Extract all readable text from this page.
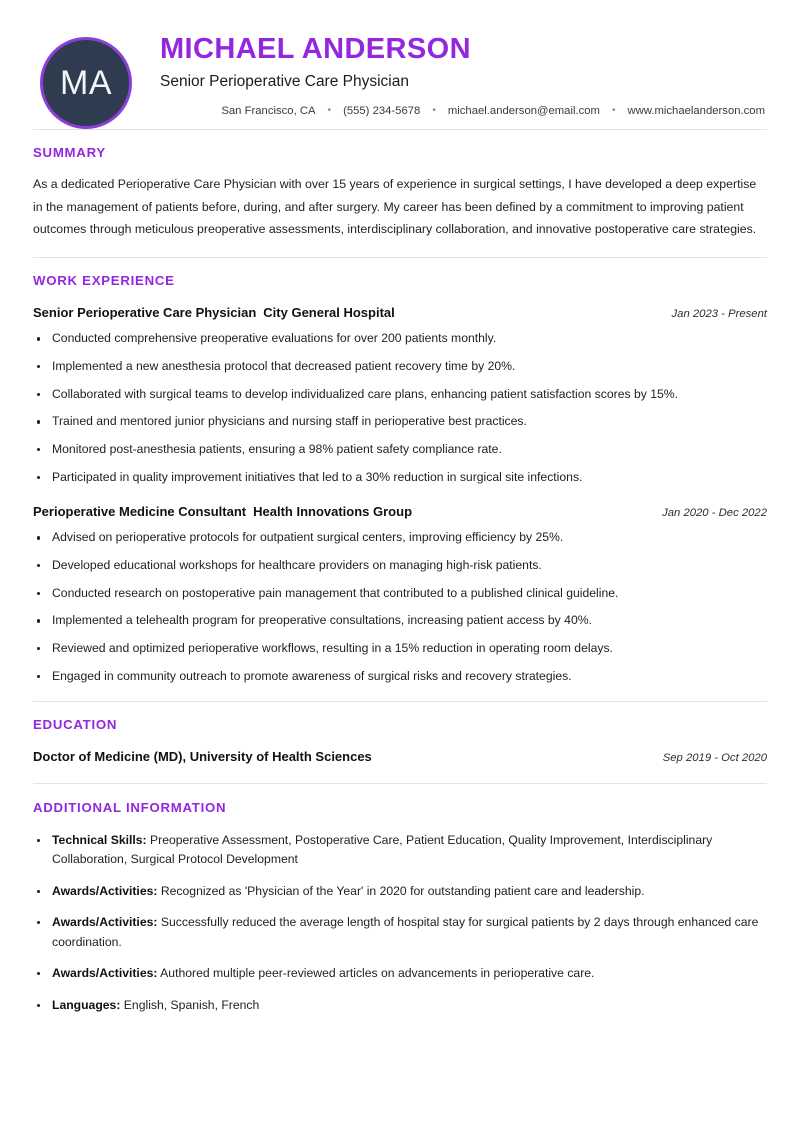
MA
MICHAEL ANDERSON
Senior Perioperative Care Physician
San Francisco, CA	•	(555) 234-5678	•	michael.anderson@email.com	•	www.michaelanderson.com
SUMMARY

As a dedicated Perioperative Care Physician with over 15 years of experience in surgical settings, I have developed a deep expertise in the management of patients before, during, and after surgery. My career has been defined by a commitment to improving patient outcomes through meticulous preoperative assessments, interdisciplinary collaboration, and innovative postoperative care strategies.

WORK EXPERIENCE
Senior Perioperative Care Physician City General Hospital	Jan 2023 - Present
Conducted comprehensive preoperative evaluations for over 200 patients monthly.
Implemented a new anesthesia protocol that decreased patient recovery time by 20%.
Collaborated with surgical teams to develop individualized care plans, enhancing patient satisfaction scores by 15%.
Trained and mentored junior physicians and nursing staff in perioperative best practices.
Monitored post-anesthesia patients, ensuring a 98% patient safety compliance rate.
Participated in quality improvement initiatives that led to a 30% reduction in surgical site infections.
Perioperative Medicine Consultant Health Innovations Group	Jan 2020 - Dec 2022
Advised on perioperative protocols for outpatient surgical centers, improving efficiency by 25%.
Developed educational workshops for healthcare providers on managing high-risk patients.
Conducted research on postoperative pain management that contributed to a published clinical guideline.
Implemented a telehealth program for preoperative consultations, increasing patient access by 40%.
Reviewed and optimized perioperative workflows, resulting in a 15% reduction in operating room delays.
Engaged in community outreach to promote awareness of surgical risks and recovery strategies.
EDUCATION
Doctor of Medicine (MD), University of Health Sciences	Sep 2019 - Oct 2020
ADDITIONAL INFORMATION
Technical Skills: Preoperative Assessment, Postoperative Care, Patient Education, Quality Improvement, Interdisciplinary Collaboration, Surgical Protocol Development
Awards/Activities: Recognized as 'Physician of the Year' in 2020 for outstanding patient care and leadership.
Awards/Activities: Successfully reduced the average length of hospital stay for surgical patients by 2 days through enhanced care coordination.
Awards/Activities: Authored multiple peer-reviewed articles on advancements in perioperative care.
Languages: English, Spanish, French
